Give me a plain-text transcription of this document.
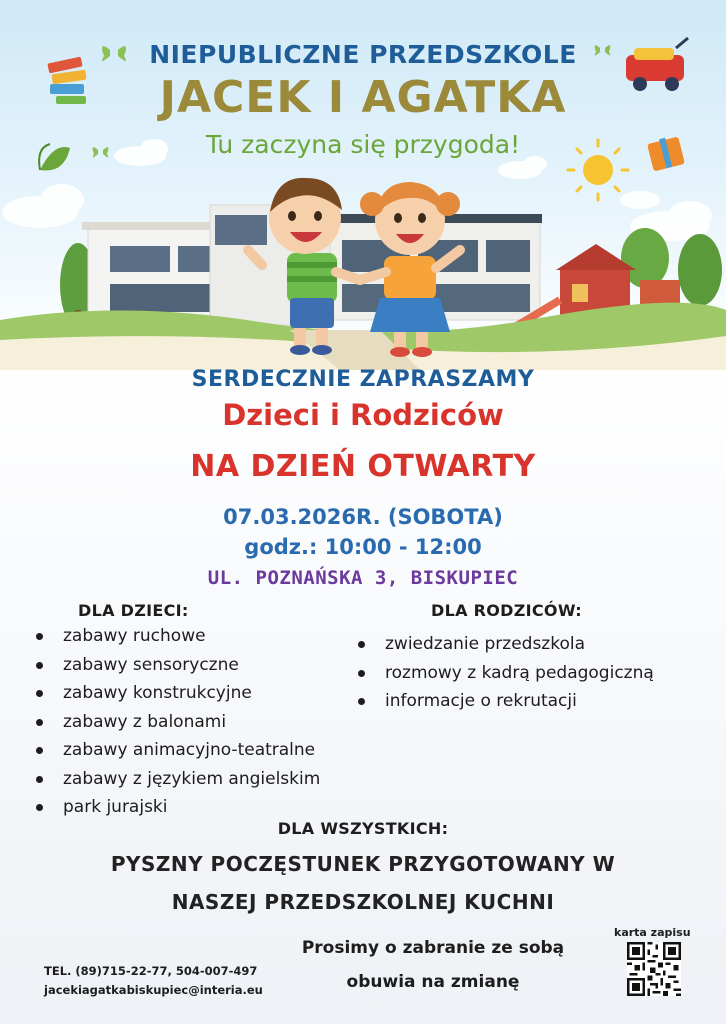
NIEPUBLICZNE PRZEDSZKOLE
JACEK I AGATKA
Tu zaczyna się przygoda!
SERDECZNIE ZAPRASZAMY
Dzieci i Rodziców
NA DZIEŃ OTWARTY
07.03.2026R. (SOBOTA)
godz.: 10:00 - 12:00
UL. POZNAŃSKA 3, BISKUPIEC
DLA DZIECI:
zabawy ruchowe
zabawy sensoryczne
zabawy konstrukcyjne
zabawy z balonami
zabawy animacyjno-teatralne
zabawy z językiem angielskim
park jurajski
DLA RODZICÓW:
zwiedzanie przedszkola
rozmowy z kadrą pedagogiczną
informacje o rekrutacji
DLA WSZYSTKICH:
PYSZNY POCZĘSTUNEK PRZYGOTOWANY W
NASZEJ PRZEDSZKOLNEJ KUCHNI
Prosimy o zabranie ze sobą
obuwia na zmianę
TEL. (89)715-22-77, 504-007-497
jacekiagatkabiskupiec@interia.eu
karta zapisu
